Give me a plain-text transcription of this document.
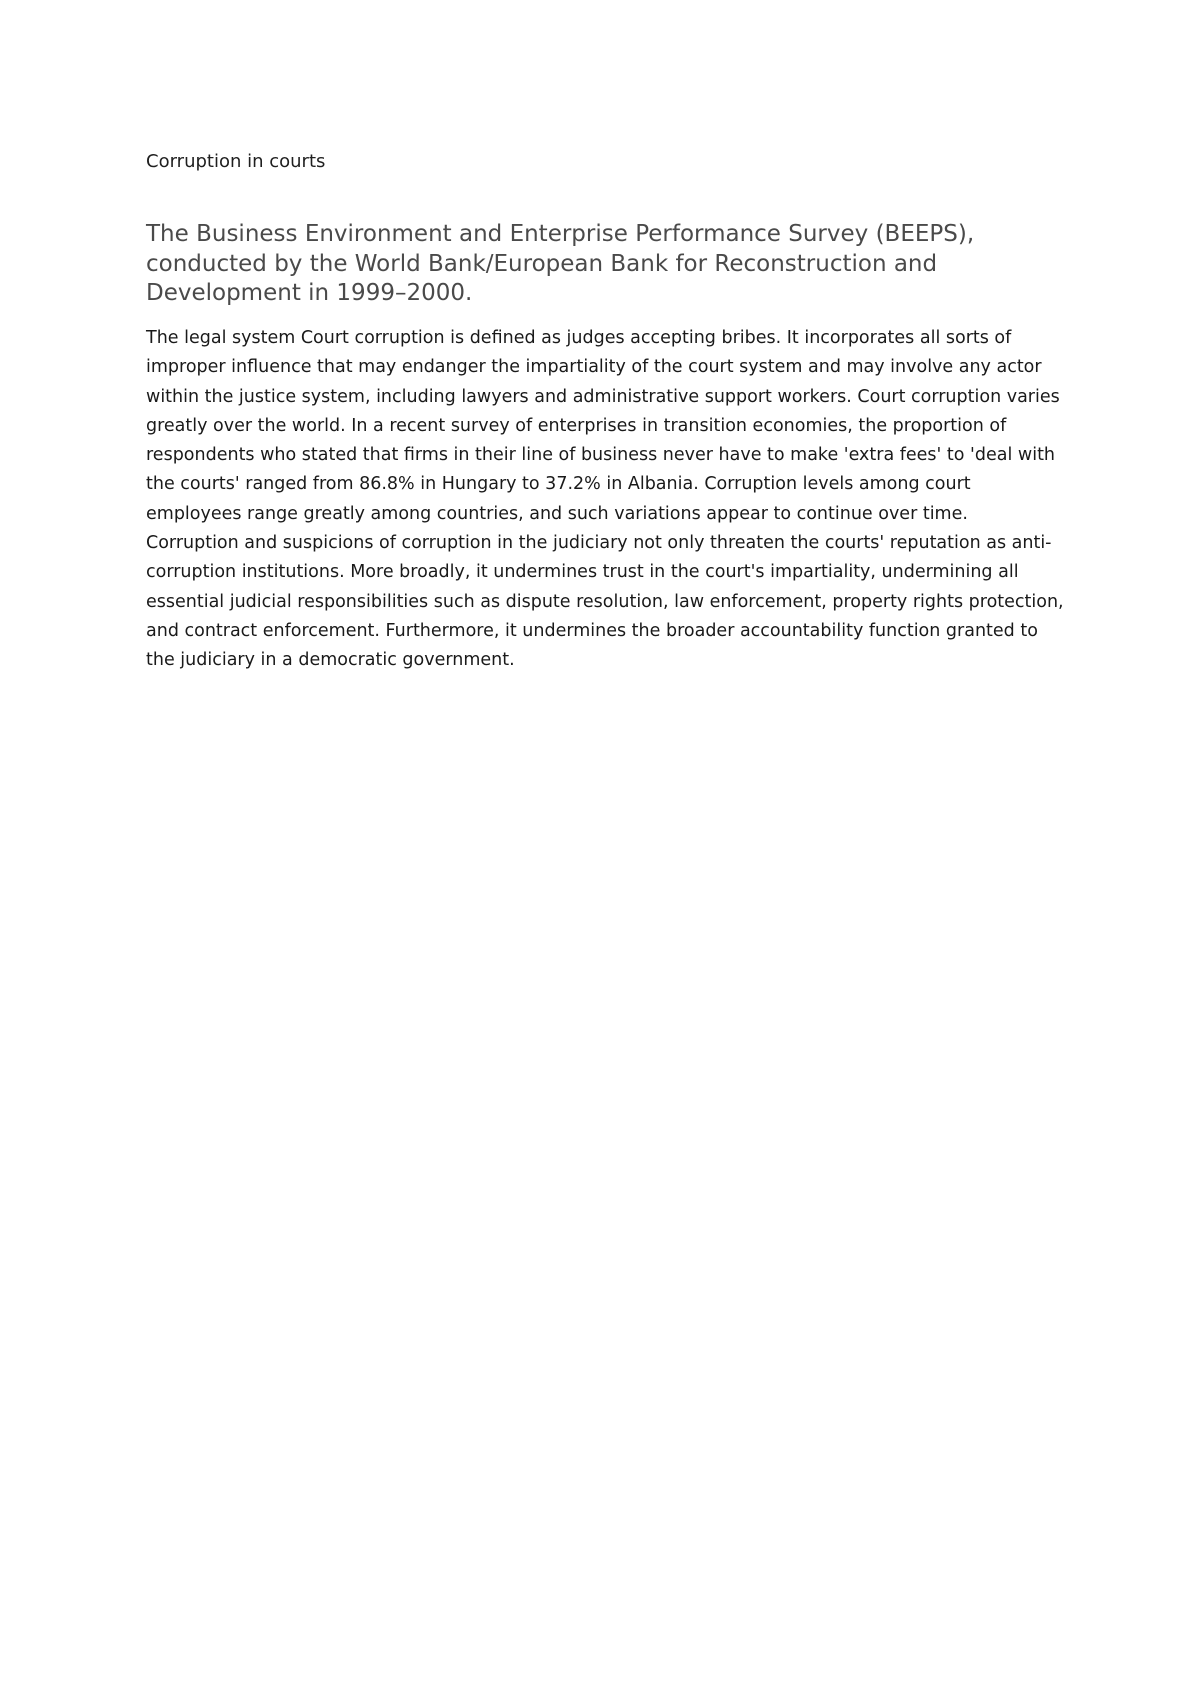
Corruption in courts

The Business Environment and Enterprise Performance Survey (BEEPS), conducted by the World Bank/European Bank for Reconstruction and Development in 1999–2000.

The legal system Court corruption is defined as judges accepting bribes. It incorporates all sorts of improper influence that may endanger the impartiality of the court system and may involve any actor within the justice system, including lawyers and administrative support workers. Court corruption varies greatly over the world. In a recent survey of enterprises in transition economies, the proportion of respondents who stated that firms in their line of business never have to make 'extra fees' to 'deal with the courts' ranged from 86.8% in Hungary to 37.2% in Albania. Corruption levels among court employees range greatly among countries, and such variations appear to continue over time. Corruption and suspicions of corruption in the judiciary not only threaten the courts' reputation as anti-corruption institutions. More broadly, it undermines trust in the court's impartiality, undermining all essential judicial responsibilities such as dispute resolution, law enforcement, property rights protection, and contract enforcement. Furthermore, it undermines the broader accountability function granted to the judiciary in a democratic government.
